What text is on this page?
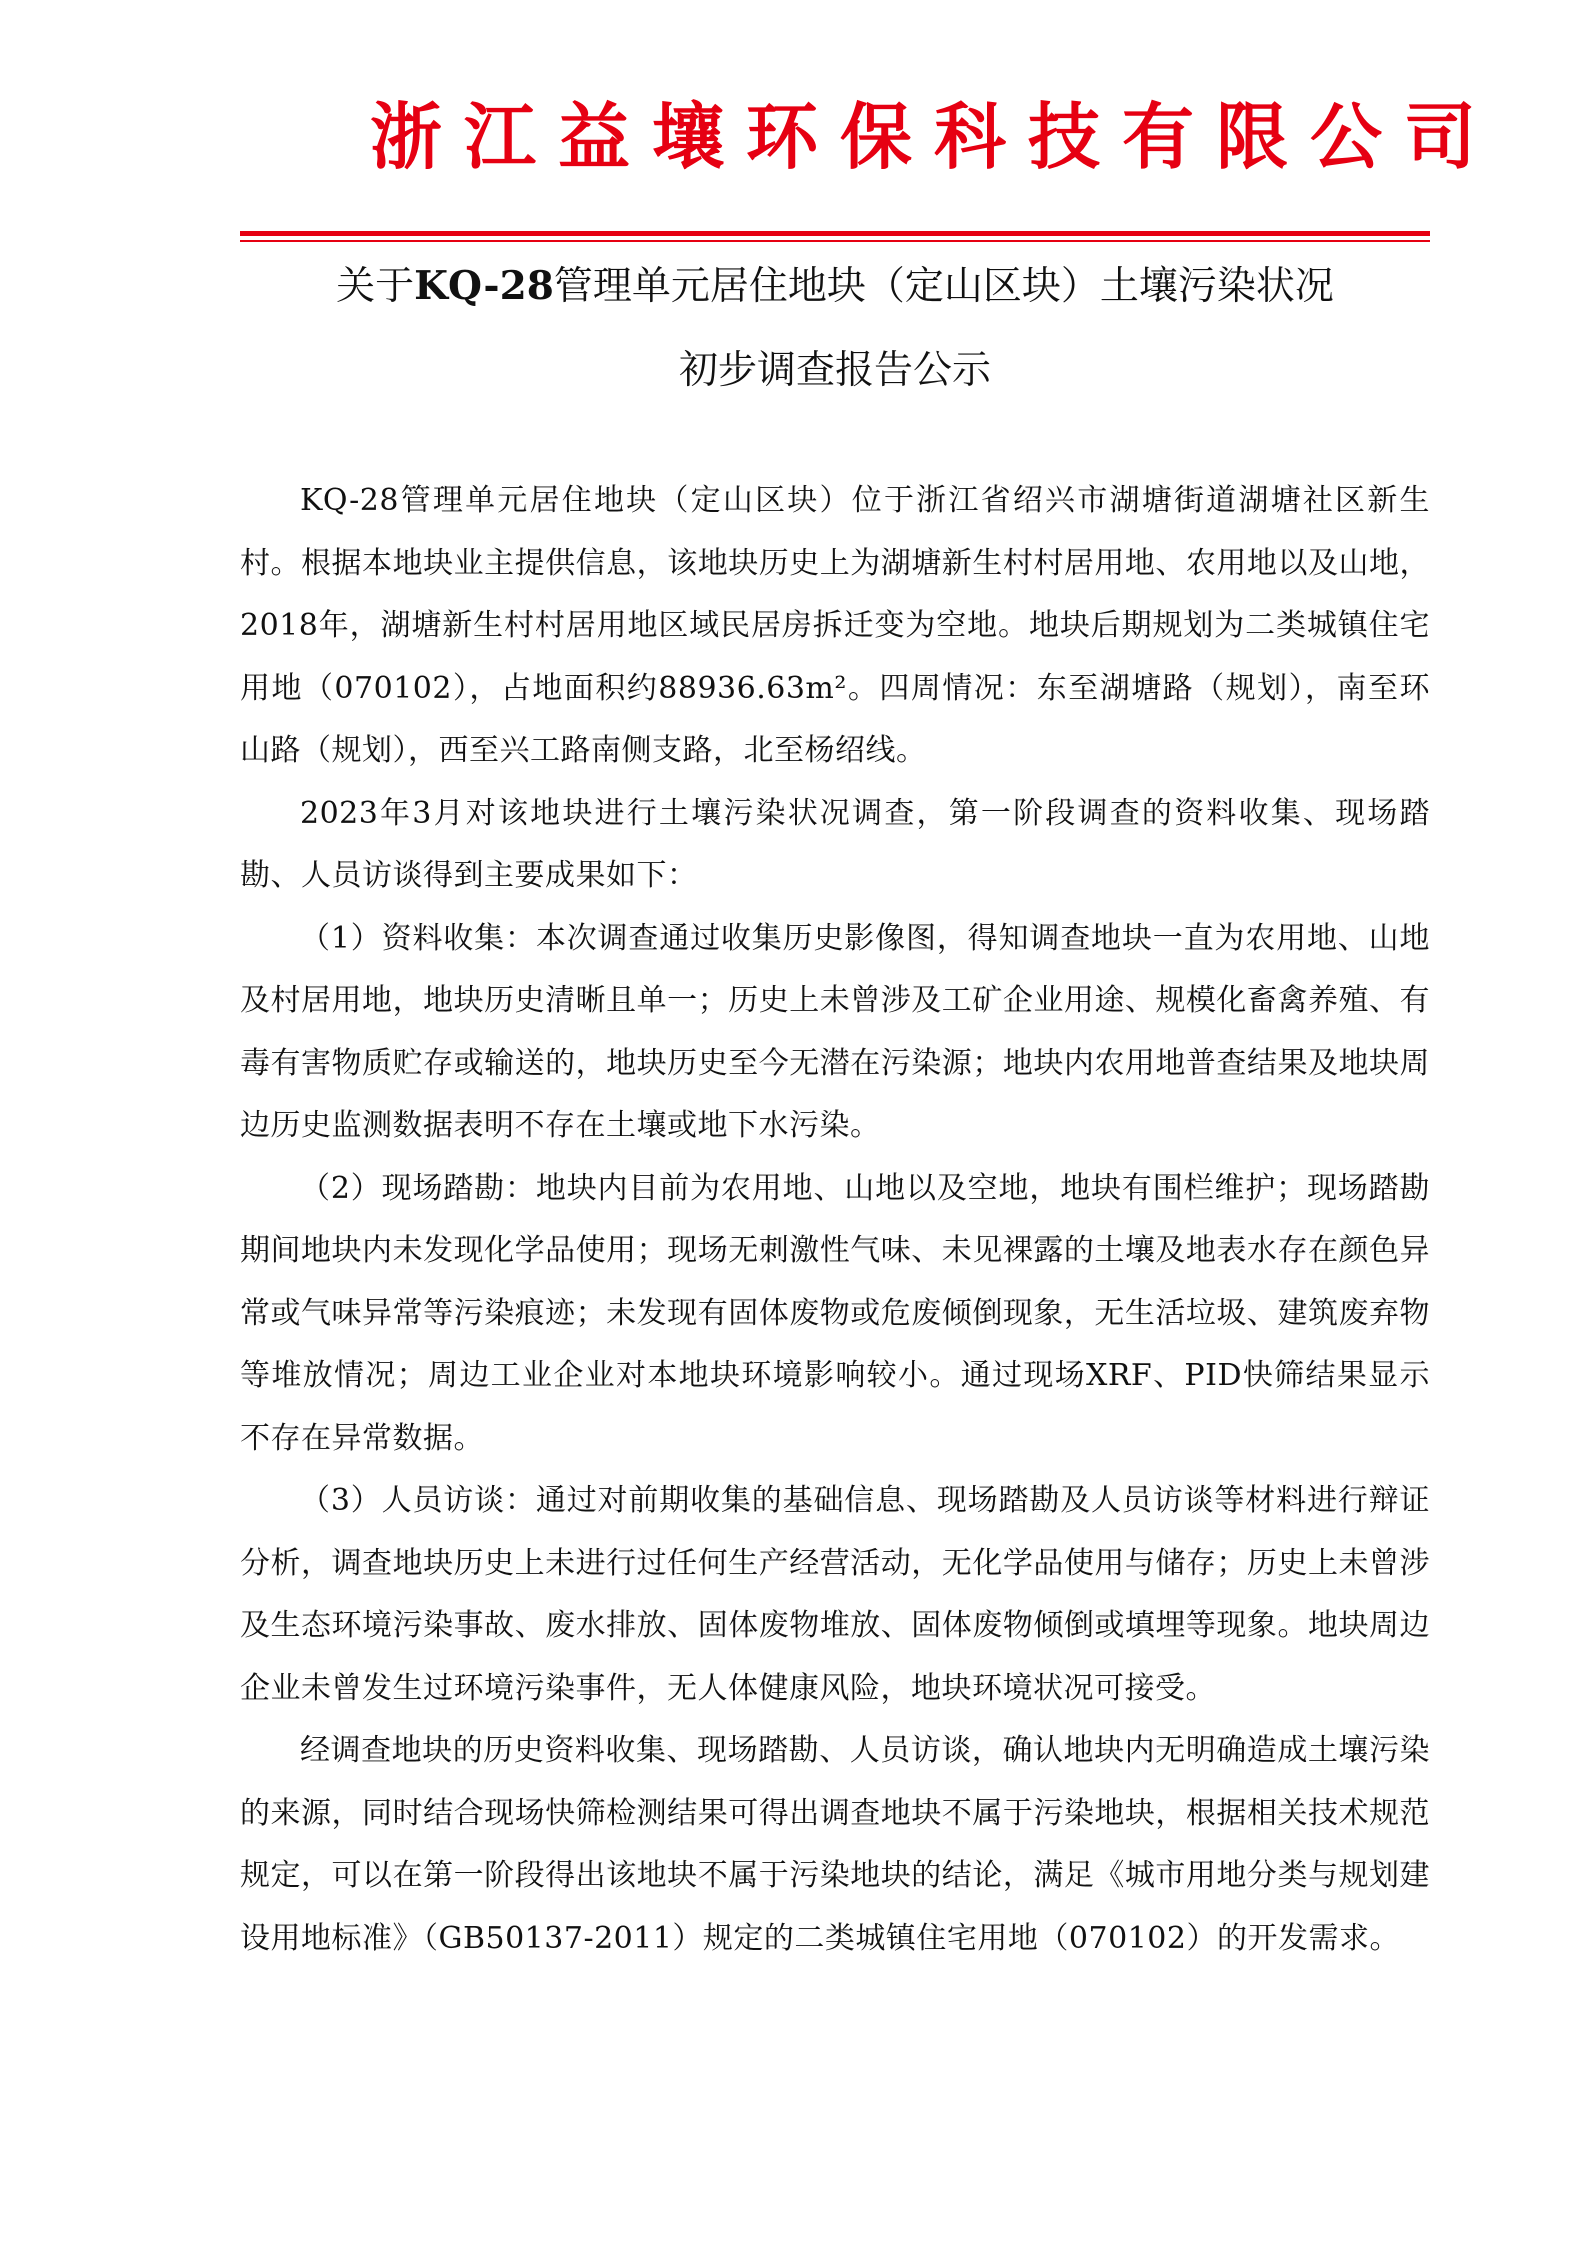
浙江益壤环保科技有限公司
关于KQ-28管理单元居住地块（定山区块）土壤污染状况
初步调查报告公示

KQ-28管理单元居住地块（定山区块）位于浙江省绍兴市湖塘街道湖塘社区新生村。根据本地块业主提供信息，该地块历史上为湖塘新生村村居用地、农用地以及山地，2018年，湖塘新生村村居用地区域民居房拆迁变为空地。地块后期规划为二类城镇住宅用地（070102），占地面积约88936.63m²。四周情况：东至湖塘路（规划），南至环山路（规划），西至兴工路南侧支路，北至杨绍线。

2023年3月对该地块进行土壤污染状况调查，第一阶段调查的资料收集、现场踏勘、人员访谈得到主要成果如下：

（1）资料收集：本次调查通过收集历史影像图，得知调查地块一直为农用地、山地及村居用地，地块历史清晰且单一；历史上未曾涉及工矿企业用途、规模化畜禽养殖、有毒有害物质贮存或输送的，地块历史至今无潜在污染源；地块内农用地普查结果及地块周边历史监测数据表明不存在土壤或地下水污染。

（2）现场踏勘：地块内目前为农用地、山地以及空地，地块有围栏维护；现场踏勘期间地块内未发现化学品使用；现场无刺激性气味、未见裸露的土壤及地表水存在颜色异常或气味异常等污染痕迹；未发现有固体废物或危废倾倒现象，无生活垃圾、建筑废弃物等堆放情况；周边工业企业对本地块环境影响较小。通过现场XRF、PID快筛结果显示不存在异常数据。

（3）人员访谈：通过对前期收集的基础信息、现场踏勘及人员访谈等材料进行辩证分析，调查地块历史上未进行过任何生产经营活动，无化学品使用与储存；历史上未曾涉及生态环境污染事故、废水排放、固体废物堆放、固体废物倾倒或填埋等现象。地块周边企业未曾发生过环境污染事件，无人体健康风险，地块环境状况可接受。

经调查地块的历史资料收集、现场踏勘、人员访谈，确认地块内无明确造成土壤污染的来源，同时结合现场快筛检测结果可得出调查地块不属于污染地块，根据相关技术规范规定，可以在第一阶段得出该地块不属于污染地块的结论，满足《城市用地分类与规划建设用地标准》（GB50137-2011）规定的二类城镇住宅用地（070102）的开发需求。
